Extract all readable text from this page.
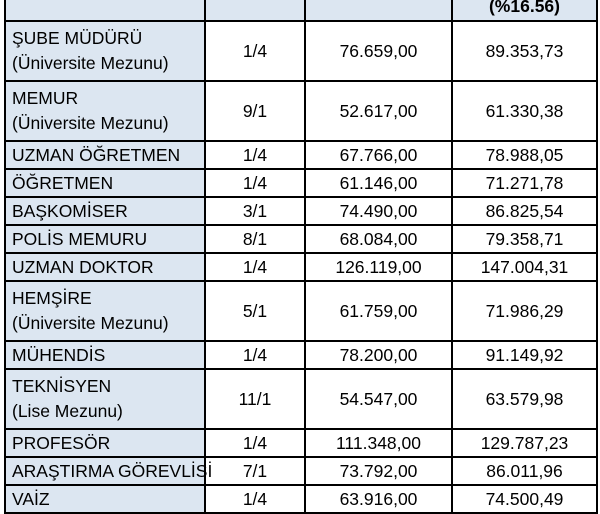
			(%16.56)

ŞUBE MÜDÜRÜ
(Üniversite Mezunu)	1/4	76.659,00	89.353,73

MEMUR
(Üniversite Mezunu)	9/1	52.617,00	61.330,38
UZMAN ÖĞRETMEN	1/4	67.766,00	78.988,05
ÖĞRETMEN	1/4	61.146,00	71.271,78
BAŞKOMİSER	3/1	74.490,00	86.825,54
POLİS MEMURU	8/1	68.084,00	79.358,71
UZMAN DOKTOR	1/4	126.119,00	147.004,31

HEMŞİRE
(Üniversite Mezunu)	5/1	61.759,00	71.986,29
MÜHENDİS	1/4	78.200,00	91.149,92

TEKNİSYEN
(Lise Mezunu)	11/1	54.547,00	63.579,98
PROFESÖR	1/4	111.348,00	129.787,23
ARAŞTIRMA GÖREVLİSİ	7/1	73.792,00	86.011,96
VAİZ	1/4	63.916,00	74.500,49
